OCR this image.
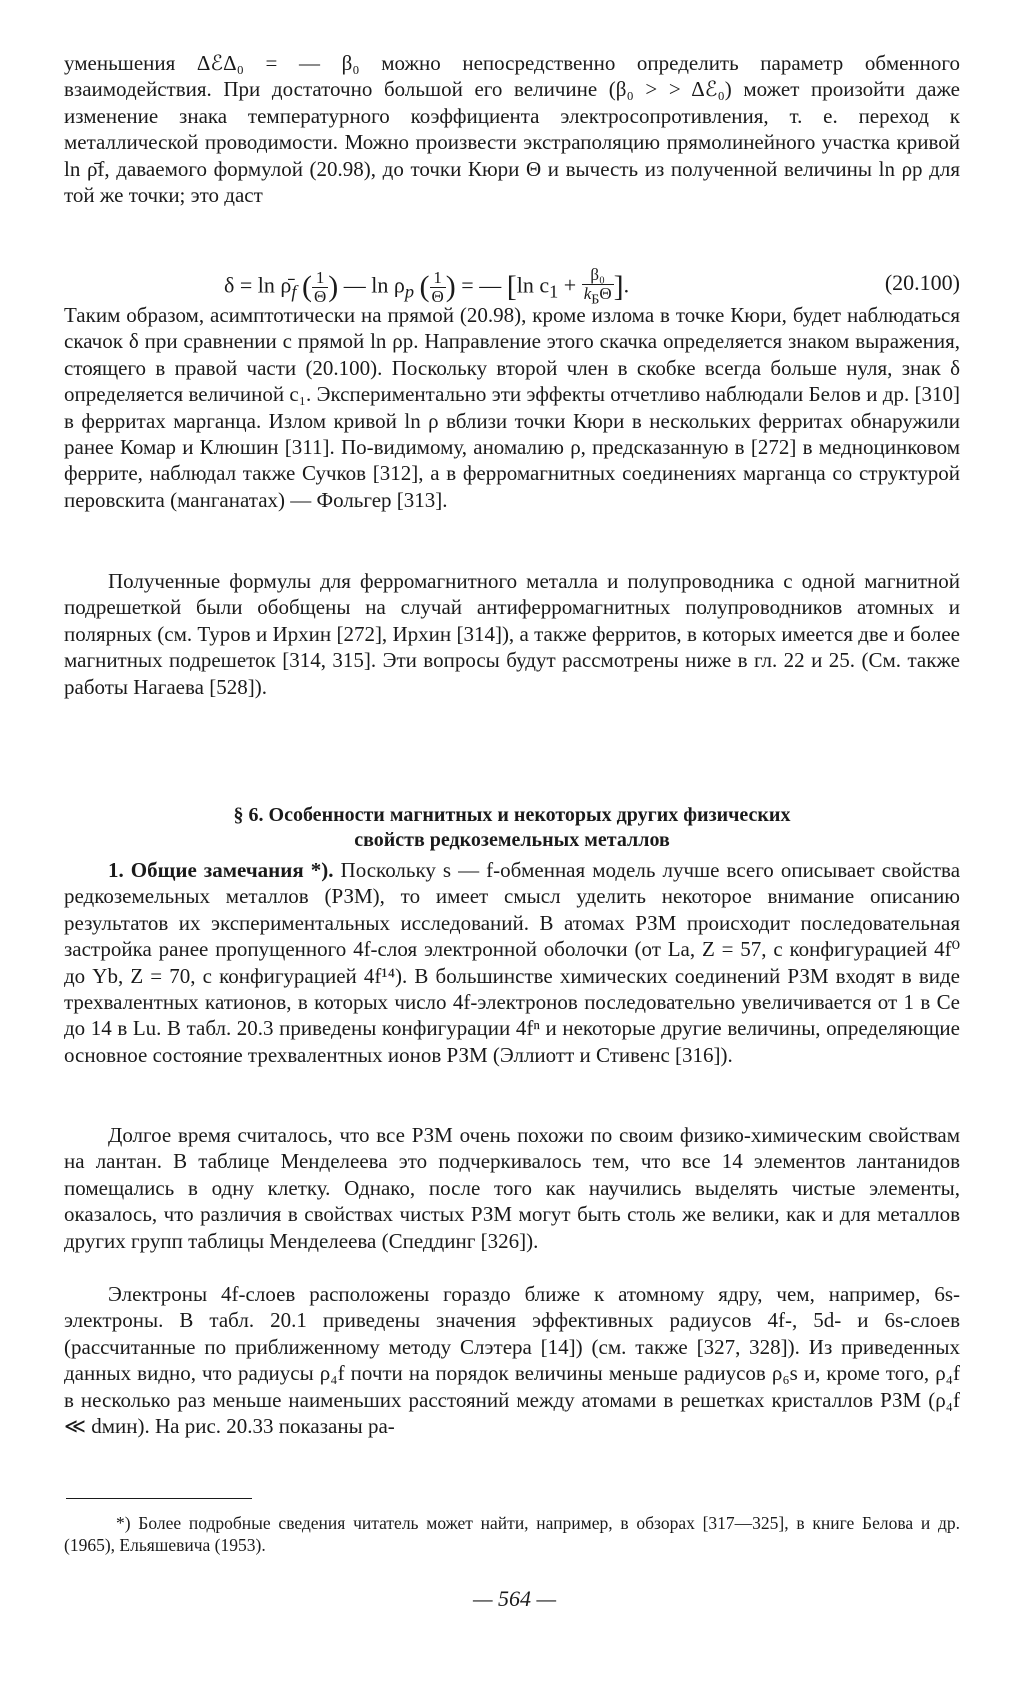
уменьшения ΔℰΔ₀ = — β₀ можно непосредственно определить параметр обменного взаимодействия. При достаточно большой его величине (β₀ > > Δℰ₀) может произойти даже изменение знака температурного коэффициента электросопротивления, т. е. переход к металлической проводимости. Можно произвести экстраполяцию прямолинейного участка кривой ln ρ̄f, даваемого формулой (20.98), до точки Кюри Θ и вычесть из полученной величины ln ρp для той же точки; это даст

$\delta = \ln \rhō_f$ ( $\frac{1}{\Theta}$ ) — $\ln \rho_p$ ( $\frac{1}{\Theta}$ ) = — [ln $c_1 + \frac{\text{β₀}}{k_Б\Theta}$ ].	(20.100)

Таким образом, асимптотически на прямой (20.98), кроме излома в точке Кюри, будет наблюдаться скачок δ при сравнении с прямой ln ρp. Направление этого скачка определяется знаком выражения, стоящего в правой части (20.100). Поскольку второй член в скобке всегда больше нуля, знак δ определяется величиной c₁. Экспериментально эти эффекты отчетливо наблюдали Белов и др. [310] в ферритах марганца. Излом кривой ln ρ вблизи точки Кюри в нескольких ферритах обнаружили ранее Комар и Клюшин [311]. По-видимому, аномалию ρ, предсказанную в [272] в медноцинковом феррите, наблюдал также Сучков [312], а в ферромагнитных соединениях марганца со структурой перовскита (манганатах) — Фольгер [313].

Полученные формулы для ферромагнитного металла и полупроводника с одной магнитной подрешеткой были обобщены на случай антиферромагнитных полупроводников атомных и полярных (см. Туров и Ирхин [272], Ирхин [314]), а также ферритов, в которых имеется две и более магнитных подрешеток [314, 315]. Эти вопросы будут рассмотрены ниже в гл. 22 и 25. (См. также работы Нагаева [528]).

§ 6. Особенности магнитных и некоторых других физических
свойств редкоземельных металлов

1. Общие замечания *). Поскольку s — f-обменная модель лучше всего описывает свойства редкоземельных металлов (РЗМ), то имеет смысл уделить некоторое внимание описанию результатов их экспериментальных исследований. В атомах РЗМ происходит последовательная застройка ранее пропущенного 4f-слоя электронной оболочки (от La, Z = 57, с конфигурацией 4f⁰ до Yb, Z = 70, с конфигурацией 4f¹⁴). В большинстве химических соединений РЗМ входят в виде трехвалентных катионов, в которых число 4f-электронов последовательно увеличивается от 1 в Ce до 14 в Lu. В табл. 20.3 приведены конфигурации 4fⁿ и некоторые другие величины, определяющие основное состояние трехвалентных ионов РЗМ (Эллиотт и Стивенс [316]).

Долгое время считалось, что все РЗМ очень похожи по своим физико-химическим свойствам на лантан. В таблице Менделеева это подчеркивалось тем, что все 14 элементов лантанидов помещались в одну клетку. Однако, после того как научились выделять чистые элементы, оказалось, что различия в свойствах чистых РЗМ могут быть столь же велики, как и для металлов других групп таблицы Менделеева (Спеддинг [326]).

Электроны 4f-слоев расположены гораздо ближе к атомному ядру, чем, например, 6s-электроны. В табл. 20.1 приведены значения эффективных радиусов 4f-, 5d- и 6s-слоев (рассчитанные по приближенному методу Слэтера [14]) (см. также [327, 328]). Из приведенных данных видно, что радиусы ρ₄f почти на порядок величины меньше радиусов ρ₆s и, кроме того, ρ₄f в несколько раз меньше наименьших расстояний между атомами в решетках кристаллов РЗМ (ρ₄f ≪ dмин). На рис. 20.33 показаны ра-

*) Более подробные сведения читатель может найти, например, в обзорах [317—325], в книге Белова и др. (1965), Ельяшевича (1953).
— 564 —
